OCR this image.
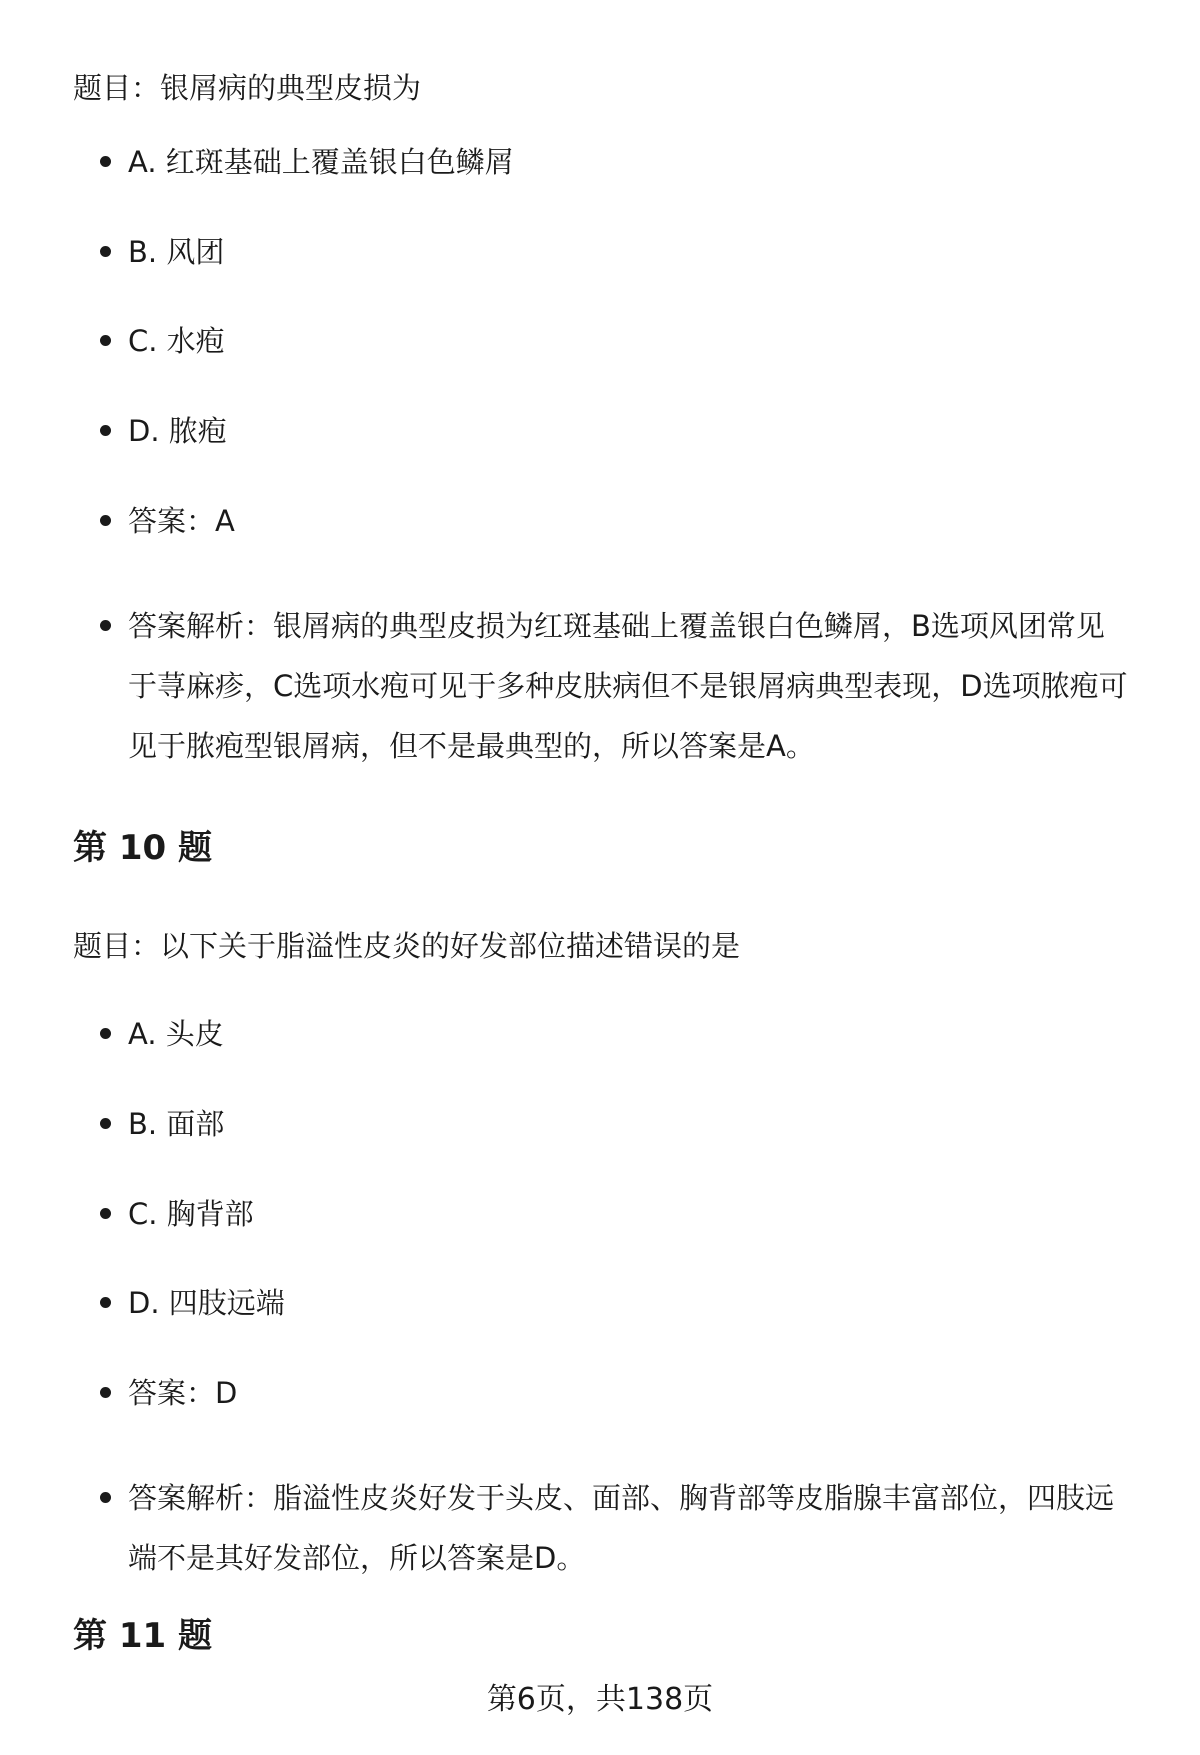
题目：银屑病的典型皮损为
A. 红斑基础上覆盖银白色鳞屑
B. 风团
C. 水疱
D. 脓疱
答案：A
答案解析：银屑病的典型皮损为红斑基础上覆盖银白色鳞屑，B选项风团常见于荨麻疹，C选项水疱可见于多种皮肤病但不是银屑病典型表现，D选项脓疱可见于脓疱型银屑病，但不是最典型的，所以答案是A。
第 10 题
题目：以下关于脂溢性皮炎的好发部位描述错误的是
A. 头皮
B. 面部
C. 胸背部
D. 四肢远端
答案：D
答案解析：脂溢性皮炎好发于头皮、面部、胸背部等皮脂腺丰富部位，四肢远端不是其好发部位，所以答案是D。
第 11 题
第6页，共138页
